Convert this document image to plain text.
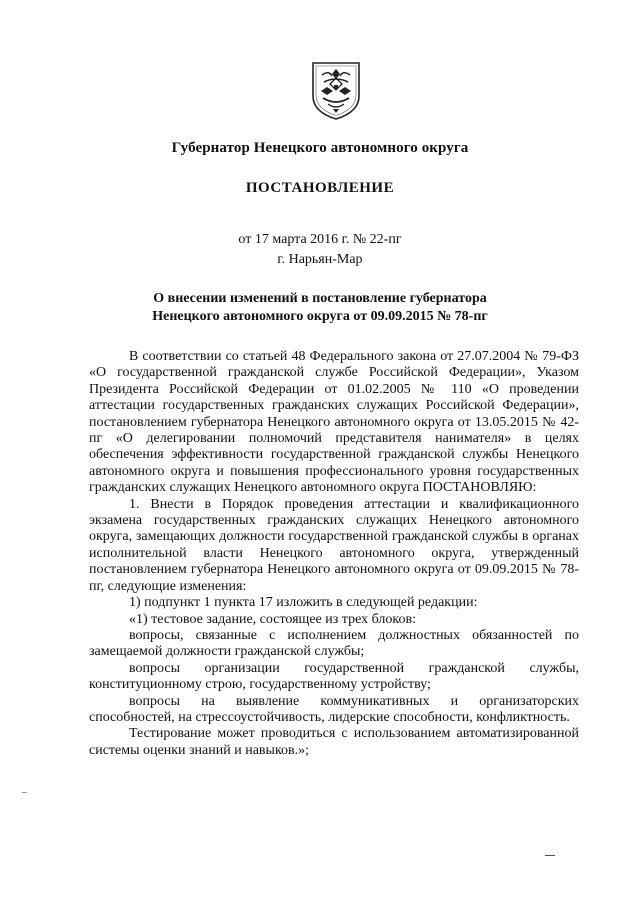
Губернатор Ненецкого автономного округа
ПОСТАНОВЛЕНИЕ
от 17 марта 2016 г. № 22-пг
г. Нарьян-Мар
О внесении изменений в постановление губернатора
Ненецкого автономного округа от 09.09.2015 № 78-пг

В соответствии со статьей 48 Федерального закона от 27.07.2004 № 79-ФЗ «О государственной гражданской службе Российской Федерации», Указом Президента Российской Федерации от 01.02.2005 № 110 «О проведении аттестации государственных гражданских служащих Российской Федерации», постановлением губернатора Ненецкого автономного округа от 13.05.2015 № 42-пг «О делегировании полномочий представителя нанимателя» в целях обеспечения эффективности государственной гражданской службы Ненецкого автономного округа и повышения профессионального уровня государственных гражданских служащих Ненецкого автономного округа ПОСТАНОВЛЯЮ:

1. Внести в Порядок проведения аттестации и квалификационного экзамена государственных гражданских служащих Ненецкого автономного округа, замещающих должности государственной гражданской службы в органах исполнительной власти Ненецкого автономного округа, утвержденный постановлением губернатора Ненецкого автономного округа от 09.09.2015 № 78-пг, следующие изменения:

1) подпункт 1 пункта 17 изложить в следующей редакции:

«1) тестовое задание, состоящее из трех блоков:

вопросы, связанные с исполнением должностных обязанностей по замещаемой должности гражданской службы;

вопросы организации государственной гражданской службы, конституционному строю, государственному устройству;

вопросы на выявление коммуникативных и организаторских способностей, на стрессоустойчивость, лидерские способности, конфликтность.

Тестирование может проводиться с использованием автоматизированной системы оценки знаний и навыков.»;
